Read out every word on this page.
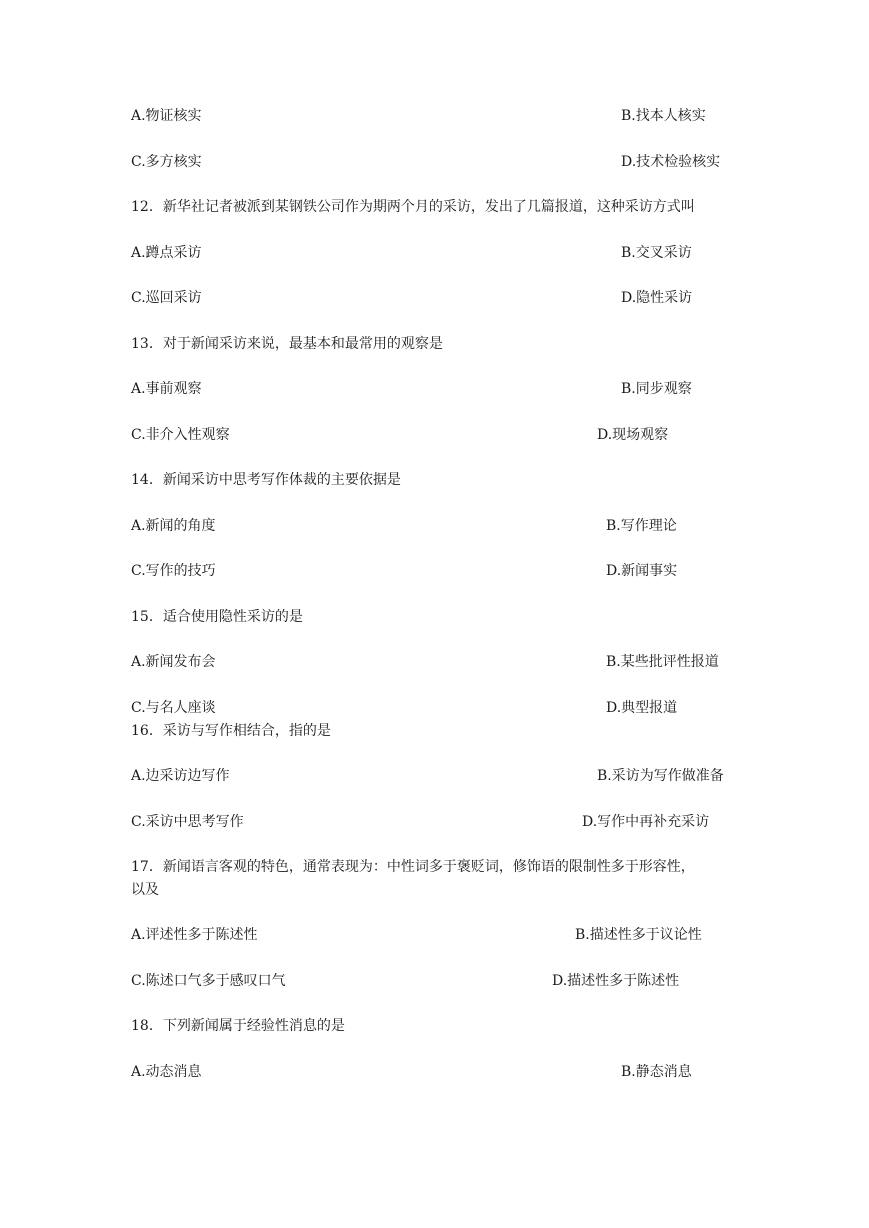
A.物证核实	B.找本人核实
C.多方核实	D.技术检验核实
12．新华社记者被派到某钢铁公司作为期两个月的采访，发出了几篇报道，这种采访方式叫
A.蹲点采访	B.交叉采访
C.巡回采访	D.隐性采访
13．对于新闻采访来说，最基本和最常用的观察是
A.事前观察	B.同步观察
C.非介入性观察	D.现场观察
14．新闻采访中思考写作体裁的主要依据是
A.新闻的角度	B.写作理论
C.写作的技巧	D.新闻事实
15．适合使用隐性采访的是
A.新闻发布会	B.某些批评性报道
C.与名人座谈	D.典型报道
16．采访与写作相结合，指的是
A.边采访边写作	B.采访为写作做准备
C.采访中思考写作	D.写作中再补充采访
17．新闻语言客观的特色，通常表现为：中性词多于褒贬词，修饰语的限制性多于形容性，
以及
A.评述性多于陈述性	B.描述性多于议论性
C.陈述口气多于感叹口气	D.描述性多于陈述性
18．下列新闻属于经验性消息的是
A.动态消息	B.静态消息
